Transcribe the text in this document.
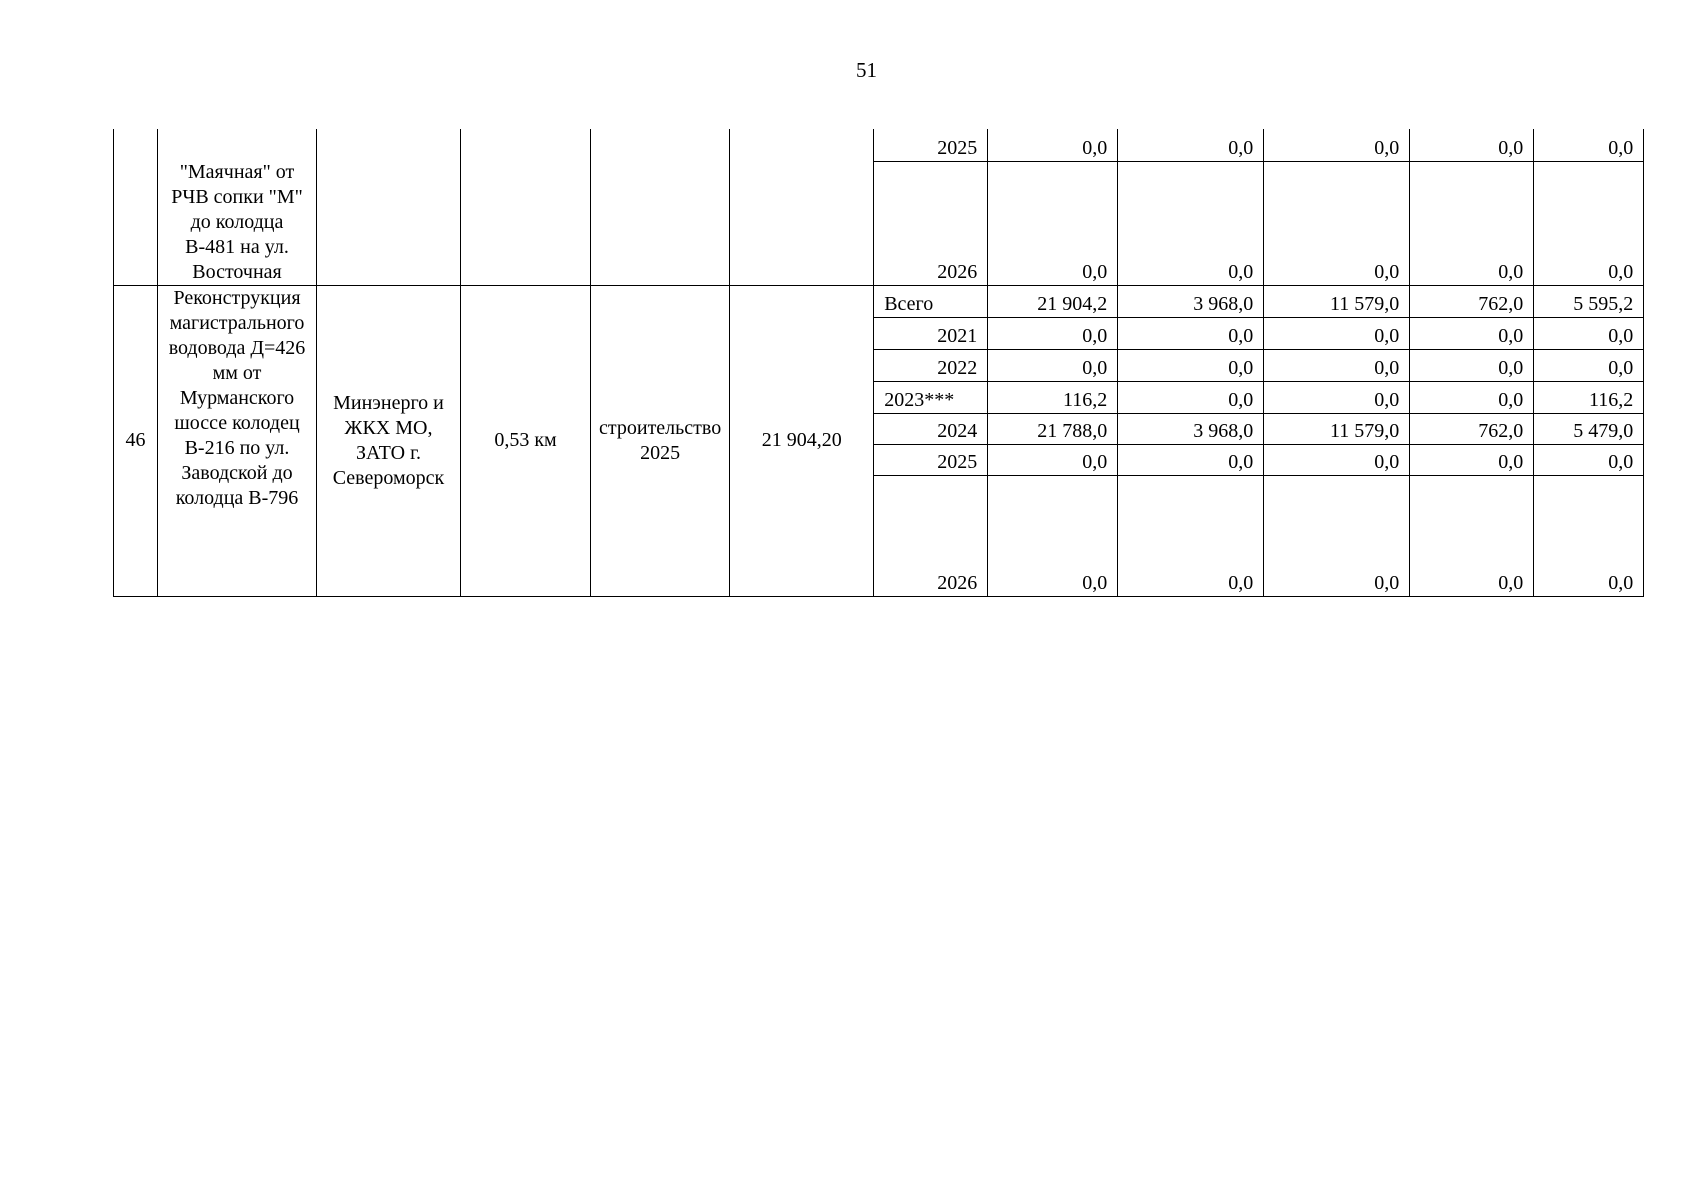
51
	"Маячная" от РЧВ сопки "М" до колодца В-481 на ул. Восточная					2025	0,0	0,0	0,0	0,0	0,0
						2026	0,0	0,0	0,0	0,0	0,0
46	Реконструкция магистрального водовода Д=426 мм от Мурманского шоссе колодец В-216 по ул. Заводской до колодца В-796	Минэнерго и ЖКХ МО, ЗАТО г. Североморск	0,53 км	строительство 2025	21 904,20	Всего	21 904,2	3 968,0	11 579,0	762,0	5 595,2
						2021	0,0	0,0	0,0	0,0	0,0
						2022	0,0	0,0	0,0	0,0	0,0
						2023***	116,2	0,0	0,0	0,0	116,2
						2024	21 788,0	3 968,0	11 579,0	762,0	5 479,0
						2025	0,0	0,0	0,0	0,0	0,0
						2026	0,0	0,0	0,0	0,0	0,0
